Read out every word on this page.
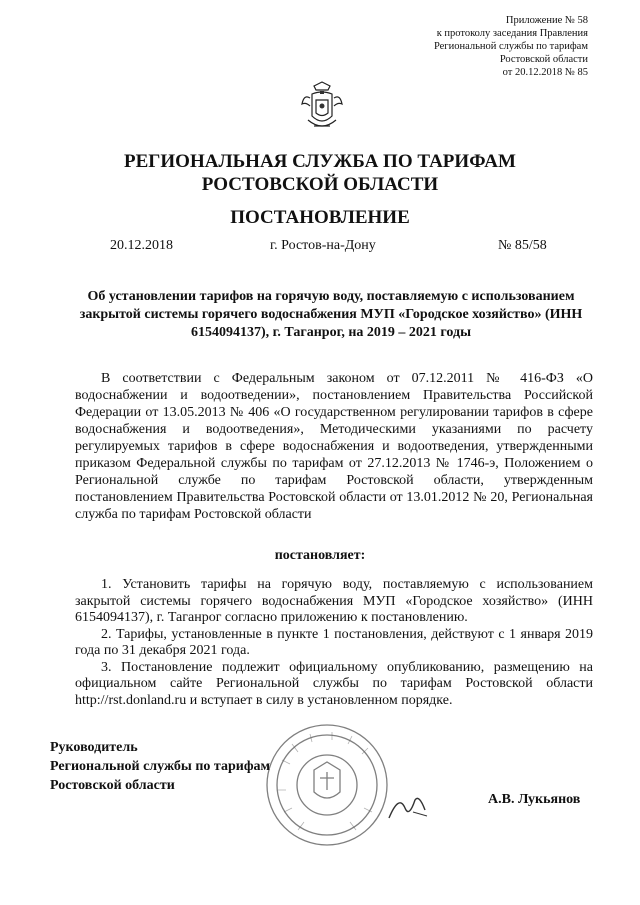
Приложение № 58
к протоколу заседания Правления
Региональной службы по тарифам
Ростовской области
от 20.12.2018 № 85
РЕГИОНАЛЬНАЯ СЛУЖБА ПО ТАРИФАМ
РОСТОВСКОЙ ОБЛАСТИ
ПОСТАНОВЛЕНИЕ
20.12.2018	г. Ростов-на-Дону	№ 85/58
Об установлении тарифов на горячую воду, поставляемую с использованием закрытой системы горячего водоснабжения МУП «Городское хозяйство» (ИНН 6154094137), г. Таганрог, на 2019 – 2021 годы
В соответствии с Федеральным законом от 07.12.2011 № 416-ФЗ «О водоснабжении и водоотведении», постановлением Правительства Российской Федерации от 13.05.2013 № 406 «О государственном регулировании тарифов в сфере водоснабжения и водоотведения», Методическими указаниями по расчету регулируемых тарифов в сфере водоснабжения и водоотведения, утвержденными приказом Федеральной службы по тарифам от 27.12.2013 № 1746-э, Положением о Региональной службе по тарифам Ростовской области, утвержденным постановлением Правительства Ростовской области от 13.01.2012 № 20, Региональная служба по тарифам Ростовской области
постановляет:

1. Установить тарифы на горячую воду, поставляемую с использованием закрытой системы горячего водоснабжения МУП «Городское хозяйство» (ИНН 6154094137), г. Таганрог согласно приложению к постановлению.

2. Тарифы, установленные в пункте 1 постановления, действуют с 1 января 2019 года по 31 декабря 2021 года.

3. Постановление подлежит официальному опубликованию, размещению на официальном сайте Региональной службы по тарифам Ростовской области http://rst.donland.ru и вступает в силу в установленном порядке.

Руководитель
Региональной службы по тарифам
Ростовской области
А.В. Лукьянов
